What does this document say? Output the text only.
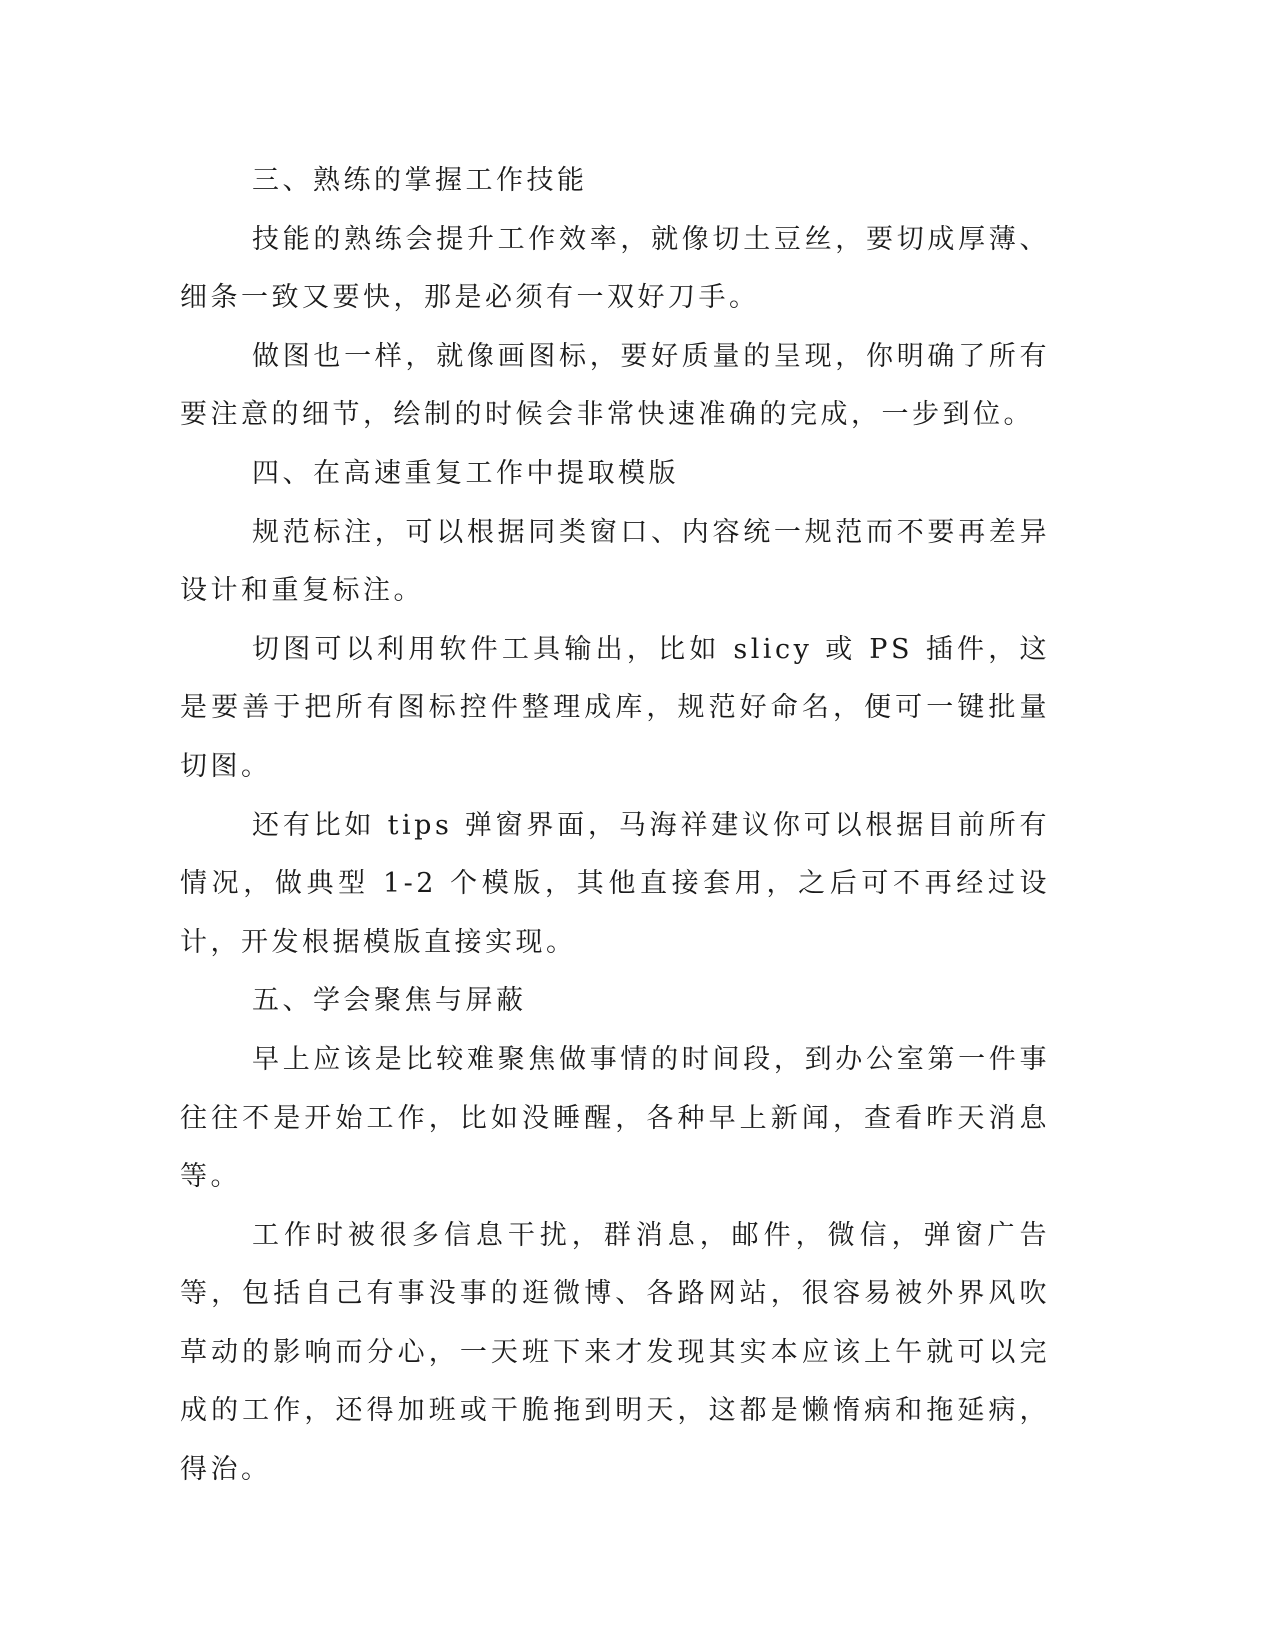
三、熟练的掌握工作技能

技能的熟练会提升工作效率，就像切土豆丝，要切成厚薄、细条一致又要快，那是必须有一双好刀手。

做图也一样，就像画图标，要好质量的呈现，你明确了所有要注意的细节，绘制的时候会非常快速准确的完成，一步到位。

四、在高速重复工作中提取模版

规范标注，可以根据同类窗口、内容统一规范而不要再差异设计和重复标注。

切图可以利用软件工具输出，比如 slicy 或 PS 插件，这是要善于把所有图标控件整理成库，规范好命名，便可一键批量切图。

还有比如 tips 弹窗界面，马海祥建议你可以根据目前所有情况，做典型 1-2 个模版，其他直接套用，之后可不再经过设计，开发根据模版直接实现。

五、学会聚焦与屏蔽

早上应该是比较难聚焦做事情的时间段，到办公室第一件事往往不是开始工作，比如没睡醒，各种早上新闻，查看昨天消息等。

工作时被很多信息干扰，群消息，邮件，微信，弹窗广告等，包括自己有事没事的逛微博、各路网站，很容易被外界风吹草动的影响而分心，一天班下来才发现其实本应该上午就可以完成的工作，还得加班或干脆拖到明天，这都是懒惰病和拖延病，得治。
